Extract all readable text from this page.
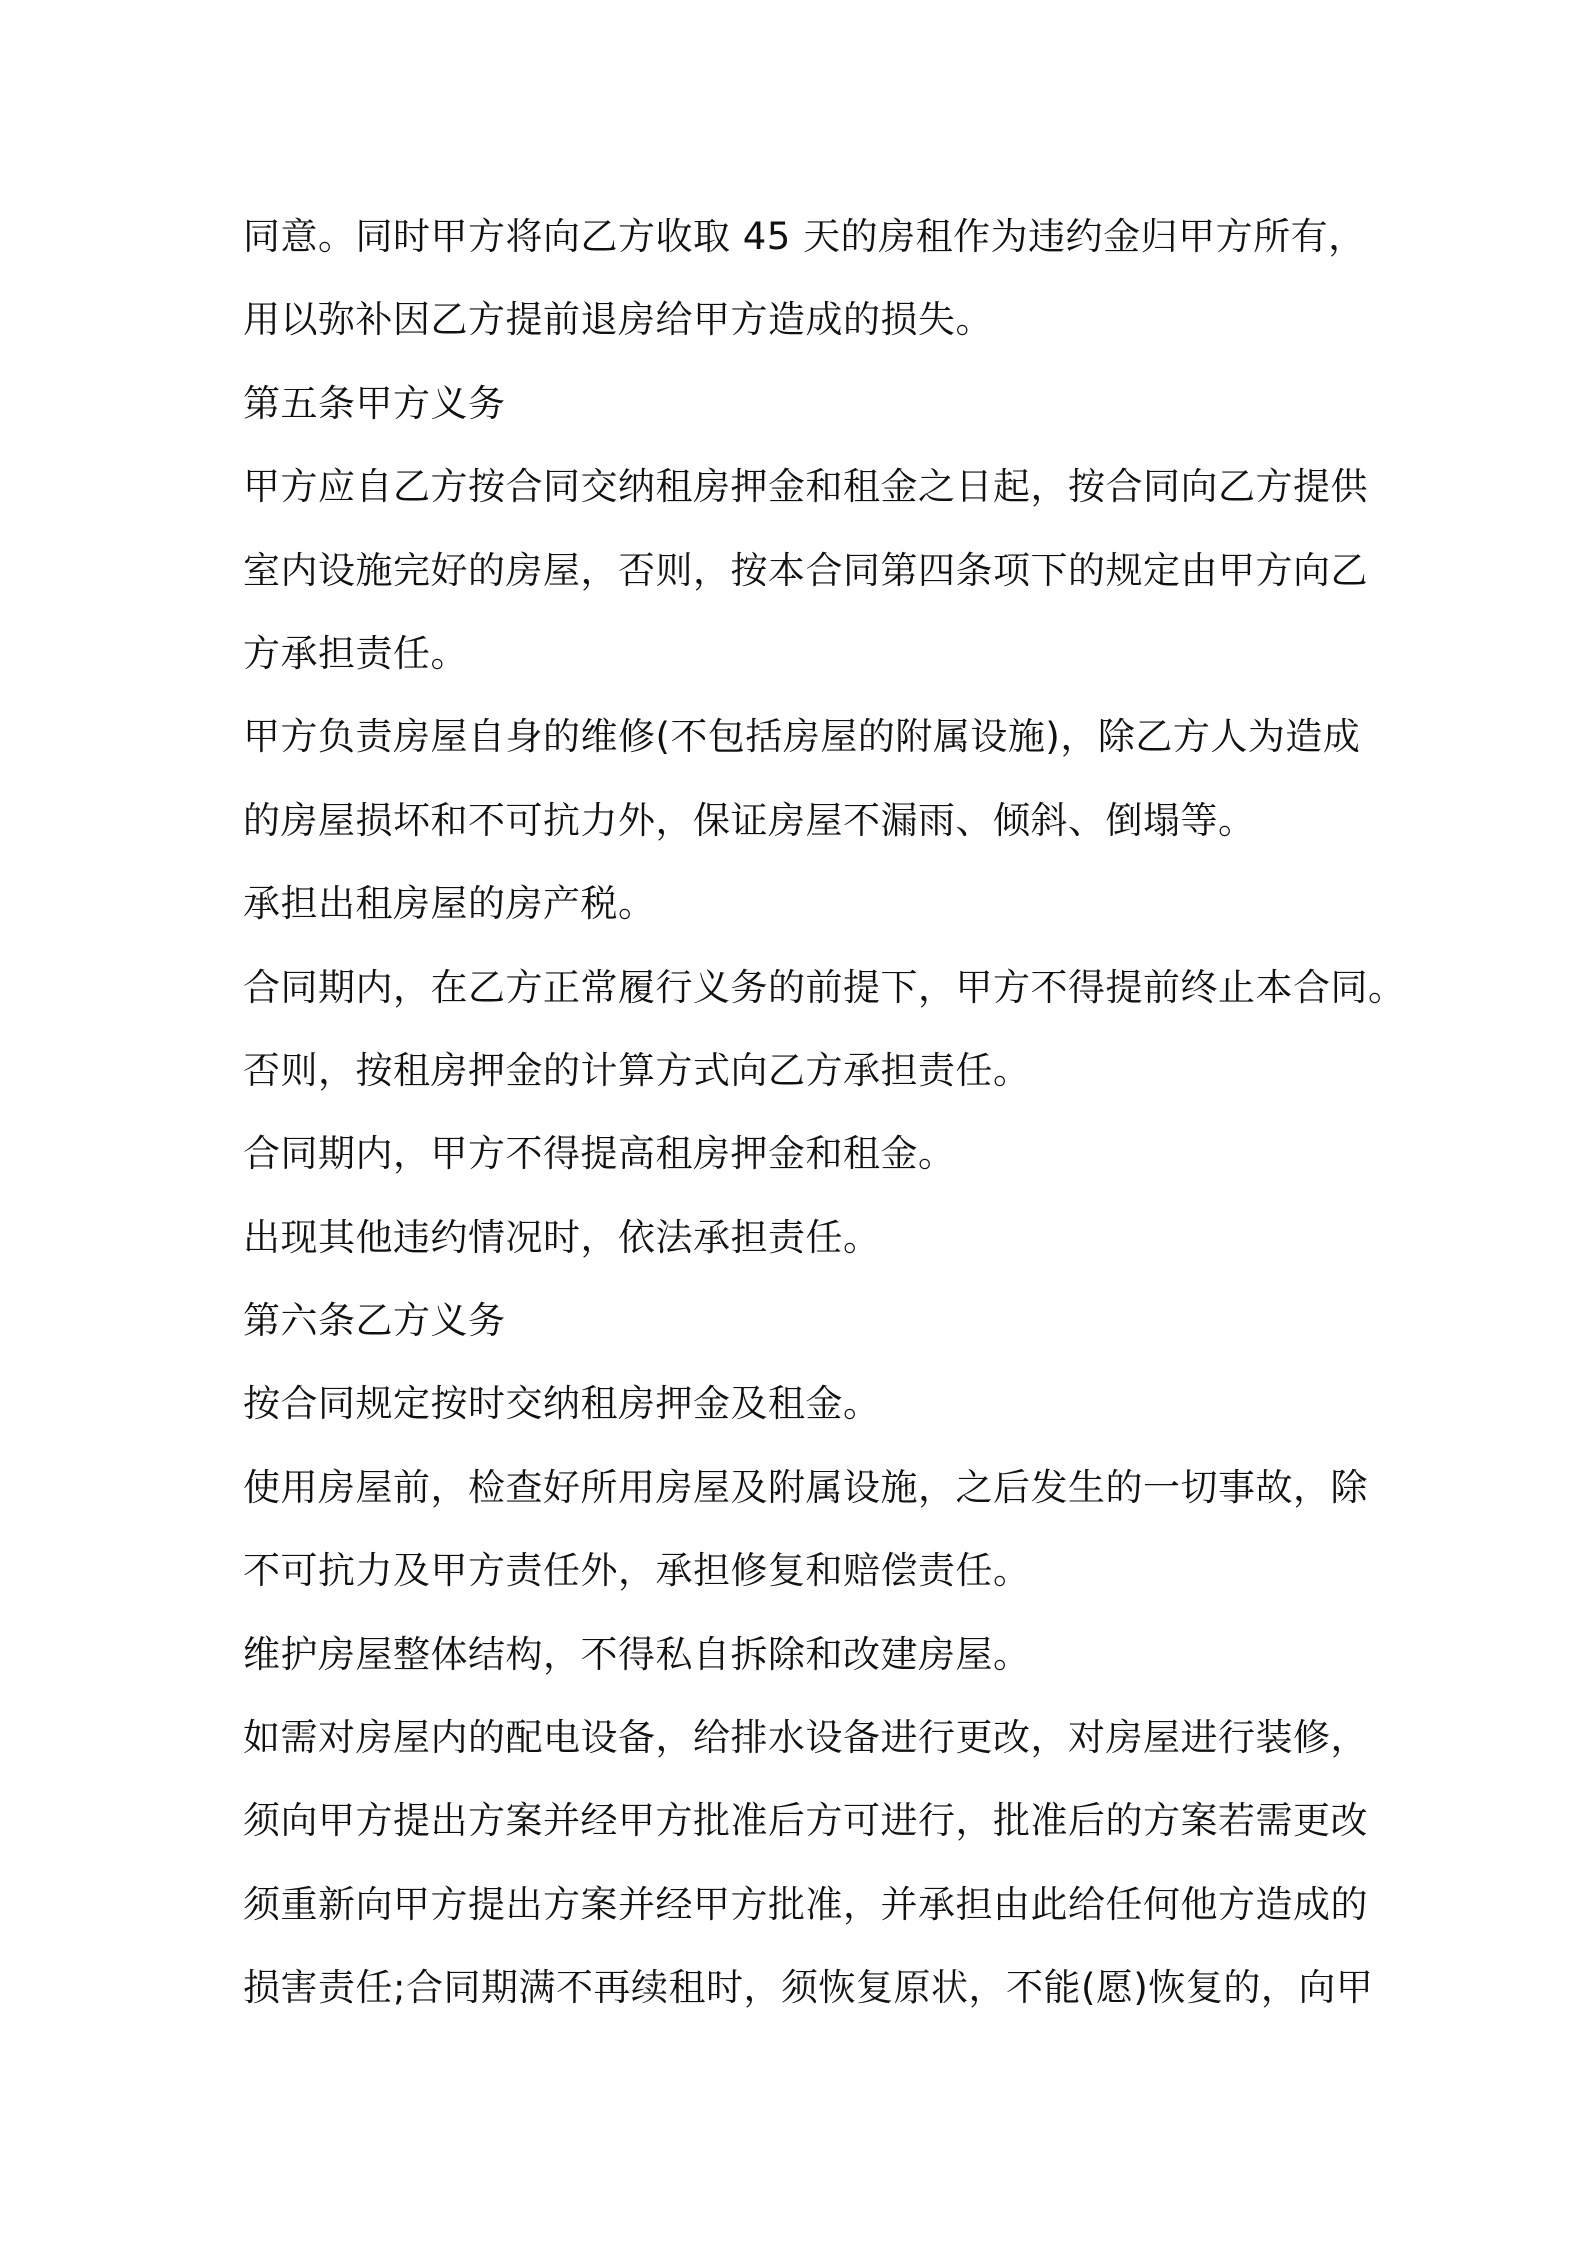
同意。同时甲方将向乙方收取 45 天的房租作为违约金归甲方所有，
用以弥补因乙方提前退房给甲方造成的损失。
第五条甲方义务
甲方应自乙方按合同交纳租房押金和租金之日起，按合同向乙方提供
室内设施完好的房屋，否则，按本合同第四条项下的规定由甲方向乙
方承担责任。
甲方负责房屋自身的维修(不包括房屋的附属设施)，除乙方人为造成
的房屋损坏和不可抗力外，保证房屋不漏雨、倾斜、倒塌等。
承担出租房屋的房产税。
合同期内，在乙方正常履行义务的前提下，甲方不得提前终止本合同。
否则，按租房押金的计算方式向乙方承担责任。
合同期内，甲方不得提高租房押金和租金。
出现其他违约情况时，依法承担责任。
第六条乙方义务
按合同规定按时交纳租房押金及租金。
使用房屋前，检查好所用房屋及附属设施，之后发生的一切事故，除
不可抗力及甲方责任外，承担修复和赔偿责任。
维护房屋整体结构，不得私自拆除和改建房屋。
如需对房屋内的配电设备，给排水设备进行更改，对房屋进行装修，
须向甲方提出方案并经甲方批准后方可进行，批准后的方案若需更改
须重新向甲方提出方案并经甲方批准，并承担由此给任何他方造成的
损害责任;合同期满不再续租时，须恢复原状，不能(愿)恢复的，向甲
